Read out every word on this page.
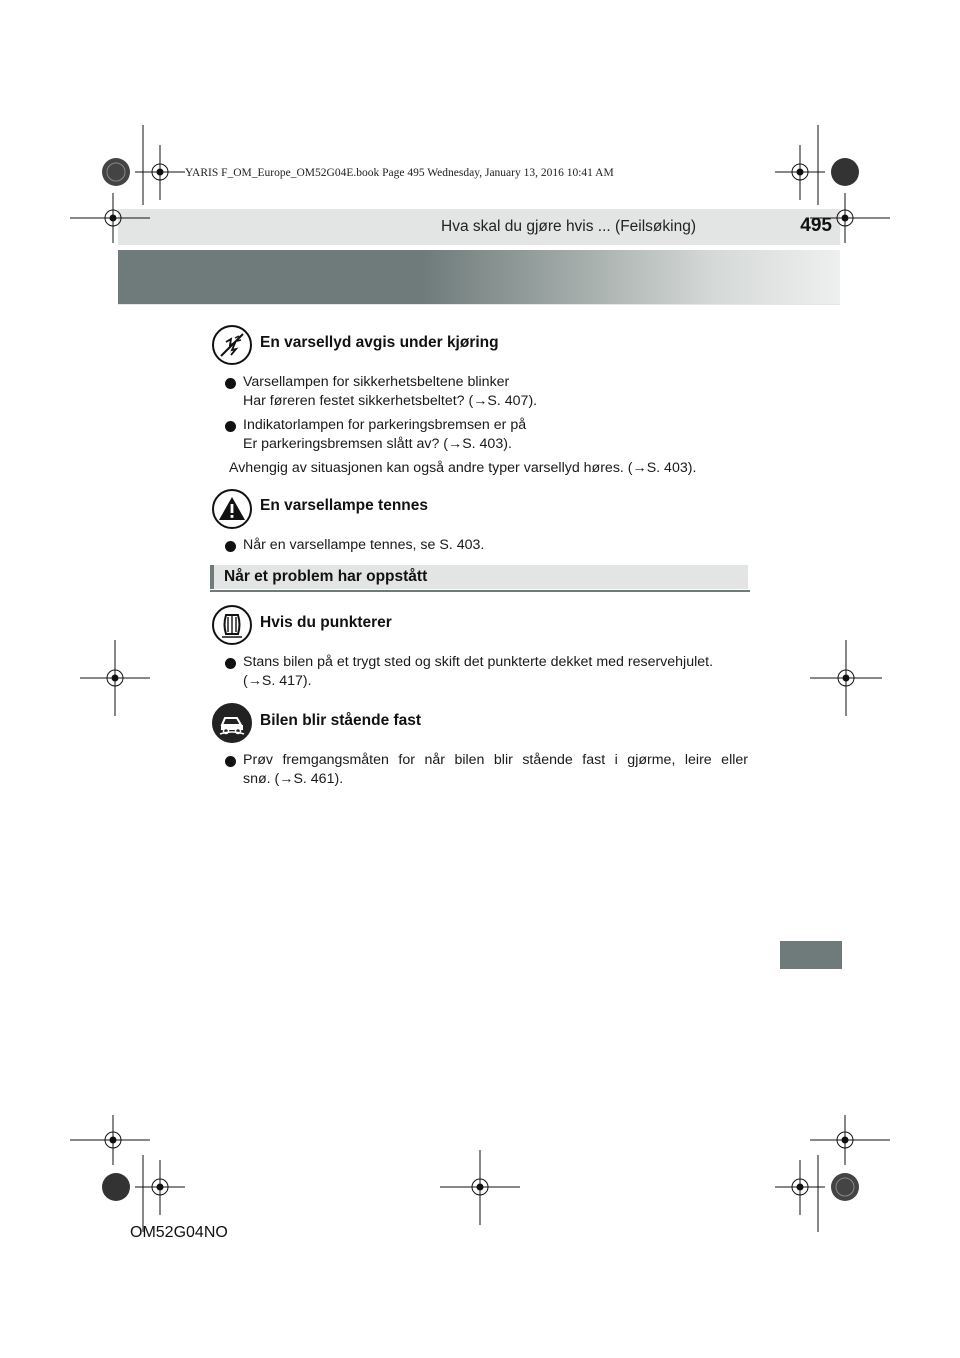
YARIS F_OM_Europe_OM52G04E.book Page 495 Wednesday, January 13, 2016 10:41 AM
Hva skal du gjøre hvis ... (Feilsøking)	495
En varsellyd avgis under kjøring
Varsellampen for sikkerhetsbeltene blinker
Har føreren festet sikkerhetsbeltet? (→S. 407).
Indikatorlampen for parkeringsbremsen er på
Er parkeringsbremsen slått av? (→S. 403).
Avhengig av situasjonen kan også andre typer varsellyd høres. (→S. 403).
En varsellampe tennes
Når en varsellampe tennes, se S. 403.
Når et problem har oppstått
Hvis du punkterer
Stans bilen på et trygt sted og skift det punkterte dekket med reservehjulet.
(→S. 417).
Bilen blir stående fast
Prøv fremgangsmåten for når bilen blir stående fast i gjørme, leire eller
snø. (→S. 461).
OM52G04NO
